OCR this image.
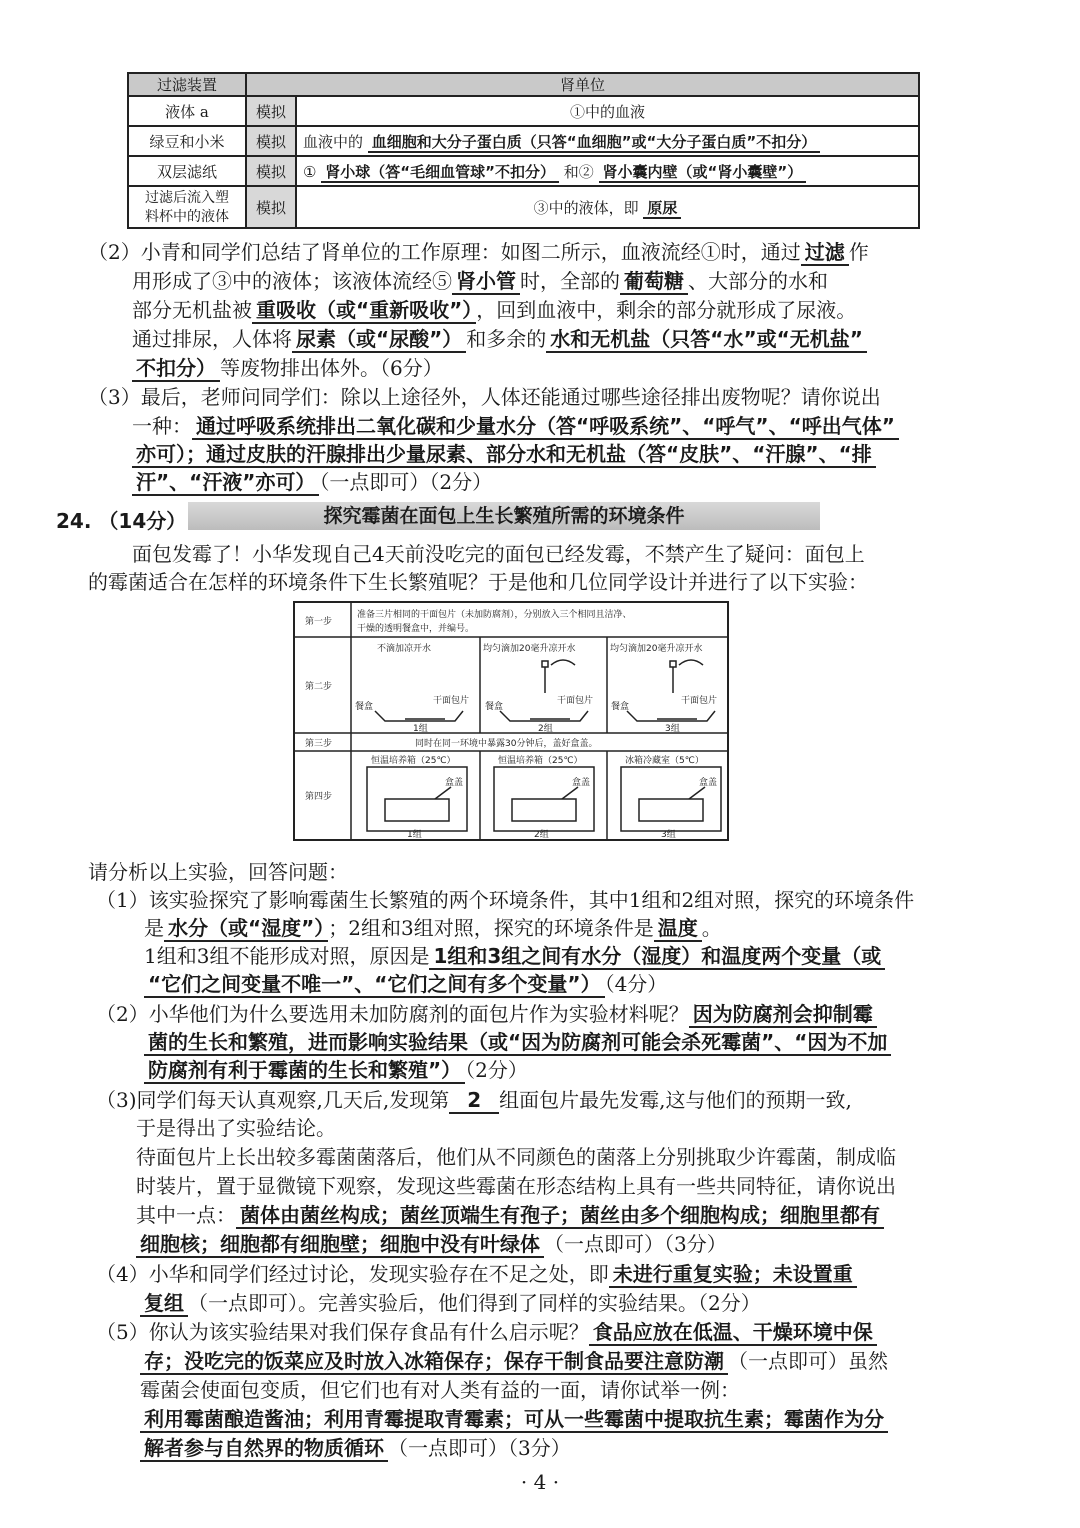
过滤装置	肾单位	
液体 a	模拟	①中的血液
绿豆和小米	模拟	血液中的 血细胞和大分子蛋白质（只答“血细胞”或“大分子蛋白质”不扣分）
双层滤纸	模拟	① 肾小球（答“毛细血管球”不扣分） 和② 肾小囊内壁（或“肾小囊壁”）
过滤后流入塑
料杯中的液体	模拟	③中的液体，即 原尿
（2）小青和同学们总结了肾单位的工作原理：如图二所示，血液流经①时，通过 过滤 作
用形成了③中的液体；该液体流经⑤ 肾小管 时，全部的 葡萄糖 、大部分的水和
部分无机盐被 重吸收（或“重新吸收”） ，回到血液中，剩余的部分就形成了尿液。
通过排尿，人体将 尿素（或“尿酸”） 和多余的 水和无机盐（只答“水”或“无机盐”
不扣分） 等废物排出体外。（6分）
（3）最后，老师问同学们：除以上途径外，人体还能通过哪些途径排出废物呢？请你说出
一种： 通过呼吸系统排出二氧化碳和少量水分（答“呼吸系统”、“呼气”、“呼出气体”
亦可）；通过皮肤的汗腺排出少量尿素、部分水和无机盐（答“皮肤”、“汗腺”、“排
汗”、“汗液”亦可） （一点即可）（2分）
24. （14分）	探究霉菌在面包上生长繁殖所需的环境条件
面包发霉了！小华发现自己4天前没吃完的面包已经发霉，不禁产生了疑问：面包上
的霉菌适合在怎样的环境条件下生长繁殖呢？于是他和几位同学设计并进行了以下实验：
第一步
准备三片相同的干面包片（未加防腐剂），分别放入三个相同且洁净、
干燥的透明餐盒中，并编号。
第二步
不滴加凉开水	均匀滴加20毫升凉开水	均匀滴加20毫升凉开水
餐盒	餐盒	餐盒
干面包片	干面包片	干面包片
1组	2组	3组
第三步	同时在同一环境中暴露30分钟后，盖好盒盖。
第四步
恒温培养箱（25℃）	恒温培养箱（25℃）	冰箱冷藏室（5℃）
盒盖	盒盖	盒盖
1组	2组	3组
请分析以上实验，回答问题：
（1）该实验探究了影响霉菌生长繁殖的两个环境条件，其中1组和2组对照，探究的环境条件
是 水分（或“湿度”） ；2组和3组对照，探究的环境条件是 温度 。
1组和3组不能形成对照，原因是 1组和3组之间有水分（湿度）和温度两个变量（或
“它们之间变量不唯一”、“它们之间有多个变量”） （4分）
（2）小华他们为什么要选用未加防腐剂的面包片作为实验材料呢？ 因为防腐剂会抑制霉
菌的生长和繁殖，进而影响实验结果（或“因为防腐剂可能会杀死霉菌”、“因为不加
防腐剂有利于霉菌的生长和繁殖”） （2分）
（3)同学们每天认真观察,几天后,发现第 2 组面包片最先发霉,这与他们的预期一致,
于是得出了实验结论。
待面包片上长出较多霉菌菌落后，他们从不同颜色的菌落上分别挑取少许霉菌，制成临
时装片，置于显微镜下观察，发现这些霉菌在形态结构上具有一些共同特征，请你说出
其中一点： 菌体由菌丝构成；菌丝顶端生有孢子；菌丝由多个细胞构成；细胞里都有
细胞核；细胞都有细胞壁；细胞中没有叶绿体 （一点即可）（3分）
（4）小华和同学们经过讨论，发现实验存在不足之处，即 未进行重复实验；未设置重
复组 （一点即可）。完善实验后，他们得到了同样的实验结果。（2分）
（5）你认为该实验结果对我们保存食品有什么启示呢？ 食品应放在低温、干燥环境中保
存；没吃完的饭菜应及时放入冰箱保存；保存干制食品要注意防潮 （一点即可）虽然
霉菌会使面包变质，但它们也有对人类有益的一面，请你试举一例：
利用霉菌酿造酱油；利用青霉提取青霉素；可从一些霉菌中提取抗生素；霉菌作为分
解者参与自然界的物质循环 （一点即可）（3分）
· 4 ·
